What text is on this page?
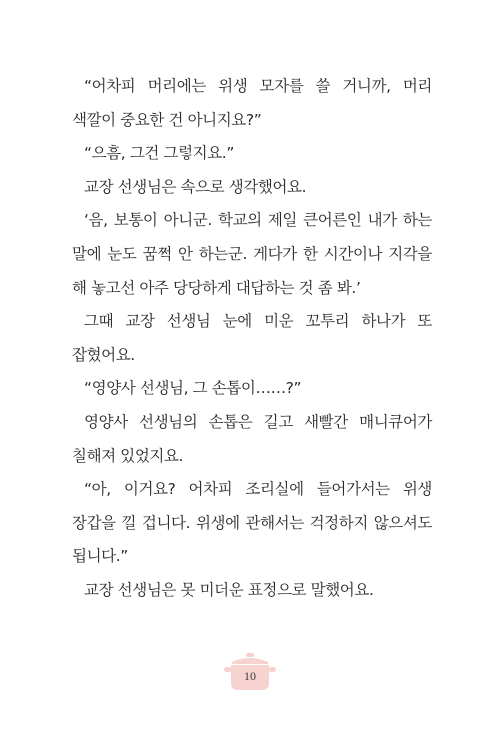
“어차피 머리에는 위생 모자를 쓸 거니까, 머리 색깔이 중요한 건 아니지요?”

“으흠, 그건 그렇지요.”

교장 선생님은 속으로 생각했어요.

‘음, 보통이 아니군. 학교의 제일 큰어른인 내가 하는 말에 눈도 꿈쩍 안 하는군. 게다가 한 시간이나 지각을 해 놓고선 아주 당당하게 대답하는 것 좀 봐.’

그때 교장 선생님 눈에 미운 꼬투리 하나가 또 잡혔어요.

“영양사 선생님, 그 손톱이……?”

영양사 선생님의 손톱은 길고 새빨간 매니큐어가 칠해져 있었지요.

“아, 이거요? 어차피 조리실에 들어가서는 위생 장갑을 낄 겁니다. 위생에 관해서는 걱정하지 않으셔도 됩니다.”

교장 선생님은 못 미더운 표정으로 말했어요.

10
